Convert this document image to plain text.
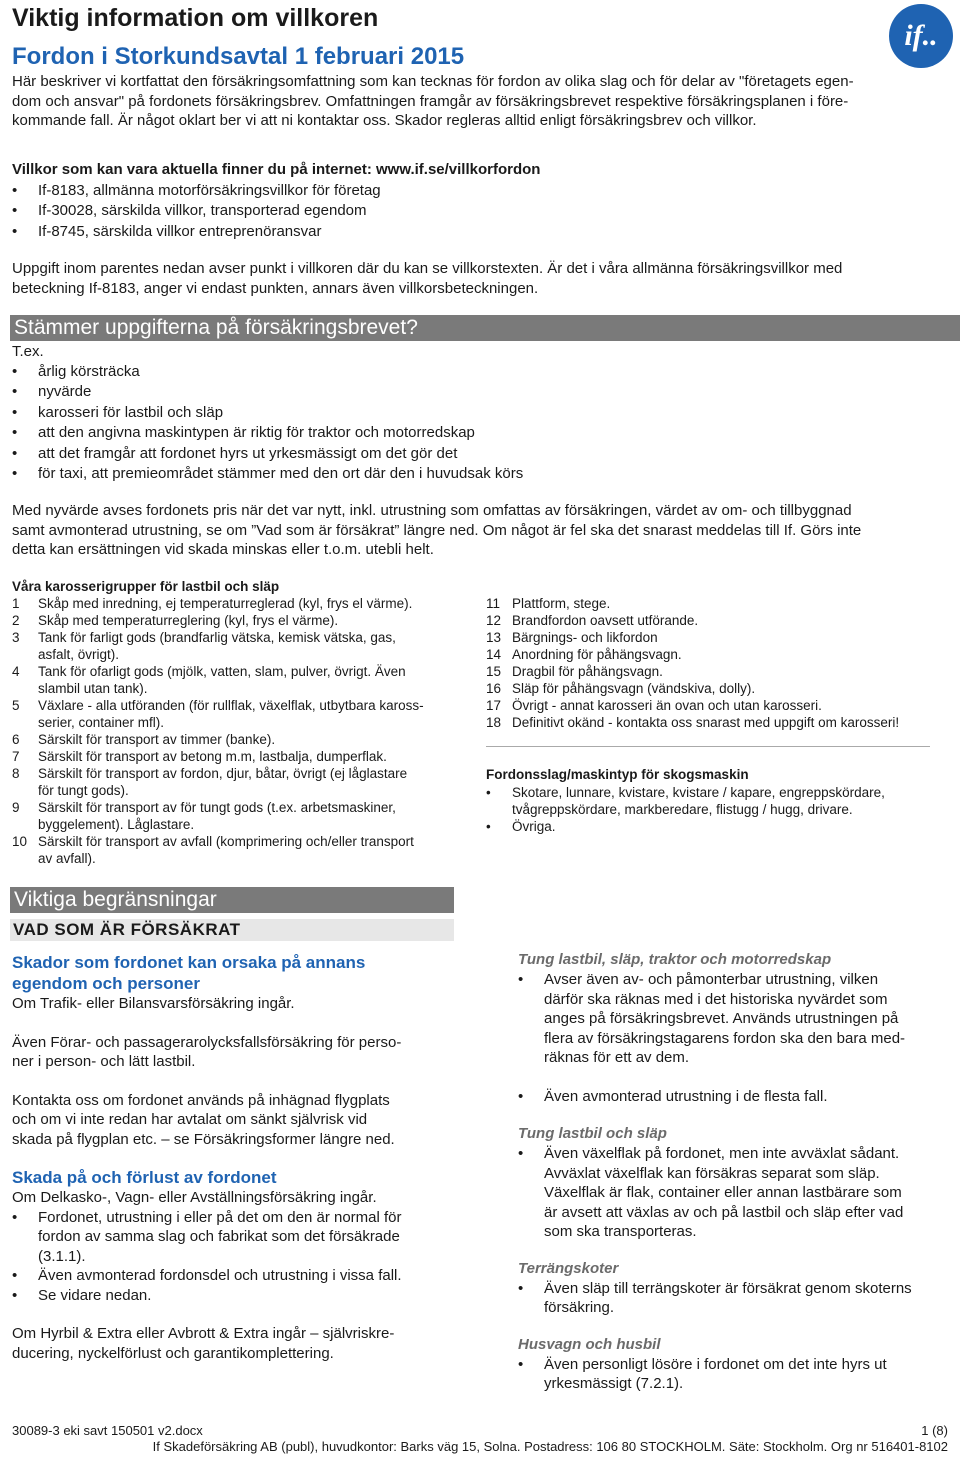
Viktig information om villkoren
Fordon i Storkundsavtal 1 februari 2015
if..
Här beskriver vi kortfattat den försäkringsomfattning som kan tecknas för fordon av olika slag och för delar av "företagets egen-
dom och ansvar" på fordonets försäkringsbrev. Omfattningen framgår av försäkringsbrevet respektive försäkringsplanen i före-
kommande fall. Är något oklart ber vi att ni kontaktar oss. Skador regleras alltid enligt försäkringsbrev och villkor.
Villkor som kan vara aktuella finner du på internet: www.if.se/villkorfordon
• If-8183, allmänna motorförsäkringsvillkor för företag
• If-30028, särskilda villkor, transporterad egendom
• If-8745, särskilda villkor entreprenöransvar
Uppgift inom parentes nedan avser punkt i villkoren där du kan se villkorstexten. Är det i våra allmänna försäkringsvillkor med
beteckning If-8183, anger vi endast punkten, annars även villkorsbeteckningen.
Stämmer uppgifterna på försäkringsbrevet?
T.ex.
• årlig körsträcka
• nyvärde
• karosseri för lastbil och släp
• att den angivna maskintypen är riktig för traktor och motorredskap
• att det framgår att fordonet hyrs ut yrkesmässigt om det gör det
• för taxi, att premieområdet stämmer med den ort där den i huvudsak körs
Med nyvärde avses fordonets pris när det var nytt, inkl. utrustning som omfattas av försäkringen, värdet av om- och tillbyggnad
samt avmonterad utrustning, se om ”Vad som är försäkrat” längre ned. Om något är fel ska det snarast meddelas till If. Görs inte
detta kan ersättningen vid skada minskas eller t.o.m. utebli helt.
Våra karosserigrupper för lastbil och släp
1	Skåp med inredning, ej temperaturreglerad (kyl, frys el värme).
2	Skåp med temperaturreglering (kyl, frys el värme).
3	Tank för farligt gods (brandfarlig vätska, kemisk vätska, gas,
asfalt, övrigt).
4	Tank för ofarligt gods (mjölk, vatten, slam, pulver, övrigt. Även
slambil utan tank).
5	Växlare - alla utföranden (för rullflak, växelflak, utbytbara kaross-
serier, container mfl).
6	Särskilt för transport av timmer (banke).
7	Särskilt för transport av betong m.m, lastbalja, dumperflak.
8	Särskilt för transport av fordon, djur, båtar, övrigt (ej låglastare
för tungt gods).
9	Särskilt för transport av för tungt gods (t.ex. arbetsmaskiner,
byggelement). Låglastare.
10 Särskilt för transport av avfall (komprimering och/eller transport
av avfall).
11 Plattform, stege.
12 Brandfordon oavsett utförande.
13 Bärgnings- och likfordon
14 Anordning för påhängsvagn.
15 Dragbil för påhängsvagn.
16 Släp för påhängsvagn (vändskiva, dolly).
17 Övrigt - annat karosseri än ovan och utan karosseri.
18 Definitivt okänd - kontakta oss snarast med uppgift om karosseri!
Fordonsslag/maskintyp för skogsmaskin
• Skotare, lunnare, kvistare, kvistare / kapare, engreppskördare,
tvågreppskördare, markberedare, flistugg / hugg, drivare.
• Övriga.
Viktiga begränsningar
VAD SOM ÄR FÖRSÄKRAT
Skador som fordonet kan orsaka på annans
egendom och personer
Om Trafik- eller Bilansvarsförsäkring ingår.
Även Förar- och passagerarolycksfallsförsäkring för perso-
ner i person- och lätt lastbil.
Kontakta oss om fordonet används på inhägnad flygplats
och om vi inte redan har avtalat om sänkt självrisk vid
skada på flygplan etc. – se Försäkringsformer längre ned.
Skada på och förlust av fordonet
Om Delkasko-, Vagn- eller Avställningsförsäkring ingår.
• Fordonet, utrustning i eller på det om den är normal för
fordon av samma slag och fabrikat som det försäkrade
(3.1.1).
• Även avmonterad fordonsdel och utrustning i vissa fall.
• Se vidare nedan.
Om Hyrbil & Extra eller Avbrott & Extra ingår – självriskre-
ducering, nyckelförlust och garantikomplettering.
Tung lastbil, släp, traktor och motorredskap
• Avser även av- och påmonterbar utrustning, vilken
därför ska räknas med i det historiska nyvärdet som
anges på försäkringsbrevet. Används utrustningen på
flera av försäkringstagarens fordon ska den bara med-
räknas för ett av dem.
• Även avmonterad utrustning i de flesta fall.
Tung lastbil och släp
• Även växelflak på fordonet, men inte avväxlat sådant.
Avväxlat växelflak kan försäkras separat som släp.
Växelflak är flak, container eller annan lastbärare som
är avsett att växlas av och på lastbil och släp efter vad
som ska transporteras.
Terrängskoter
• Även släp till terrängskoter är försäkrat genom skoterns
försäkring.
Husvagn och husbil
• Även personligt lösöre i fordonet om det inte hyrs ut
yrkesmässigt (7.2.1).
30089-3 eki savt 150501 v2.docx	1 (8)
If Skadeförsäkring AB (publ), huvudkontor: Barks väg 15, Solna. Postadress: 106 80 STOCKHOLM. Säte: Stockholm. Org nr 516401-8102
